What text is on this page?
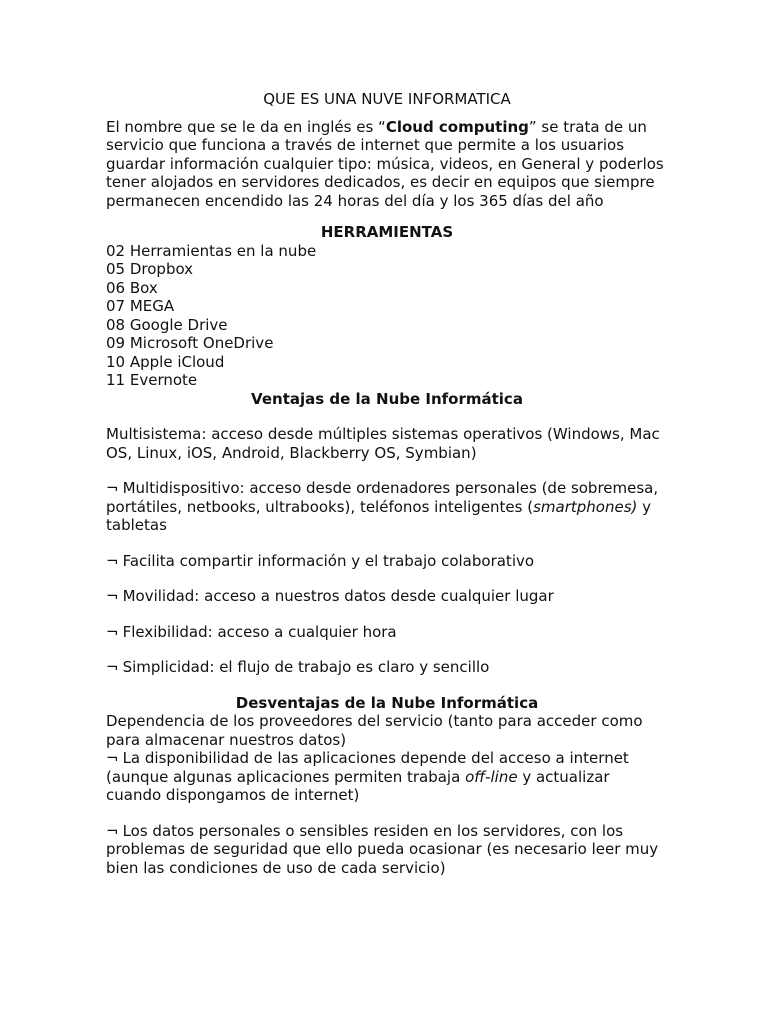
QUE ES UNA NUVE INFORMATICA

El nombre que se le da en inglés es “Cloud computing” se trata de un servicio que funciona a través de internet que permite a los usuarios guardar información cualquier tipo: música, videos, en General y poderlos tener alojados en servidores dedicados, es decir en equipos que siempre permanecen encendido las 24 horas del día y los 365 días del año

HERRAMIENTAS
02 Herramientas en la nube
05 Dropbox
06 Box
07 MEGA
08 Google Drive
09 Microsoft OneDrive
10 Apple iCloud
11 Evernote
Ventajas de la Nube Informática

Multisistema: acceso desde múltiples sistemas operativos (Windows, Mac OS, Linux, iOS, Android, Blackberry OS, Symbian)

¬ Multidispositivo: acceso desde ordenadores personales (de sobremesa, portátiles, netbooks, ultrabooks), teléfonos inteligentes (smartphones) y tabletas

¬ Facilita compartir información y el trabajo colaborativo

¬ Movilidad: acceso a nuestros datos desde cualquier lugar

¬ Flexibilidad: acceso a cualquier hora

¬ Simplicidad: el flujo de trabajo es claro y sencillo

Desventajas de la Nube Informática

Dependencia de los proveedores del servicio (tanto para acceder como para almacenar nuestros datos)

¬ La disponibilidad de las aplicaciones depende del acceso a internet (aunque algunas aplicaciones permiten trabaja off-line y actualizar cuando dispongamos de internet)

¬ Los datos personales o sensibles residen en los servidores, con los problemas de seguridad que ello pueda ocasionar (es necesario leer muy bien las condiciones de uso de cada servicio)
